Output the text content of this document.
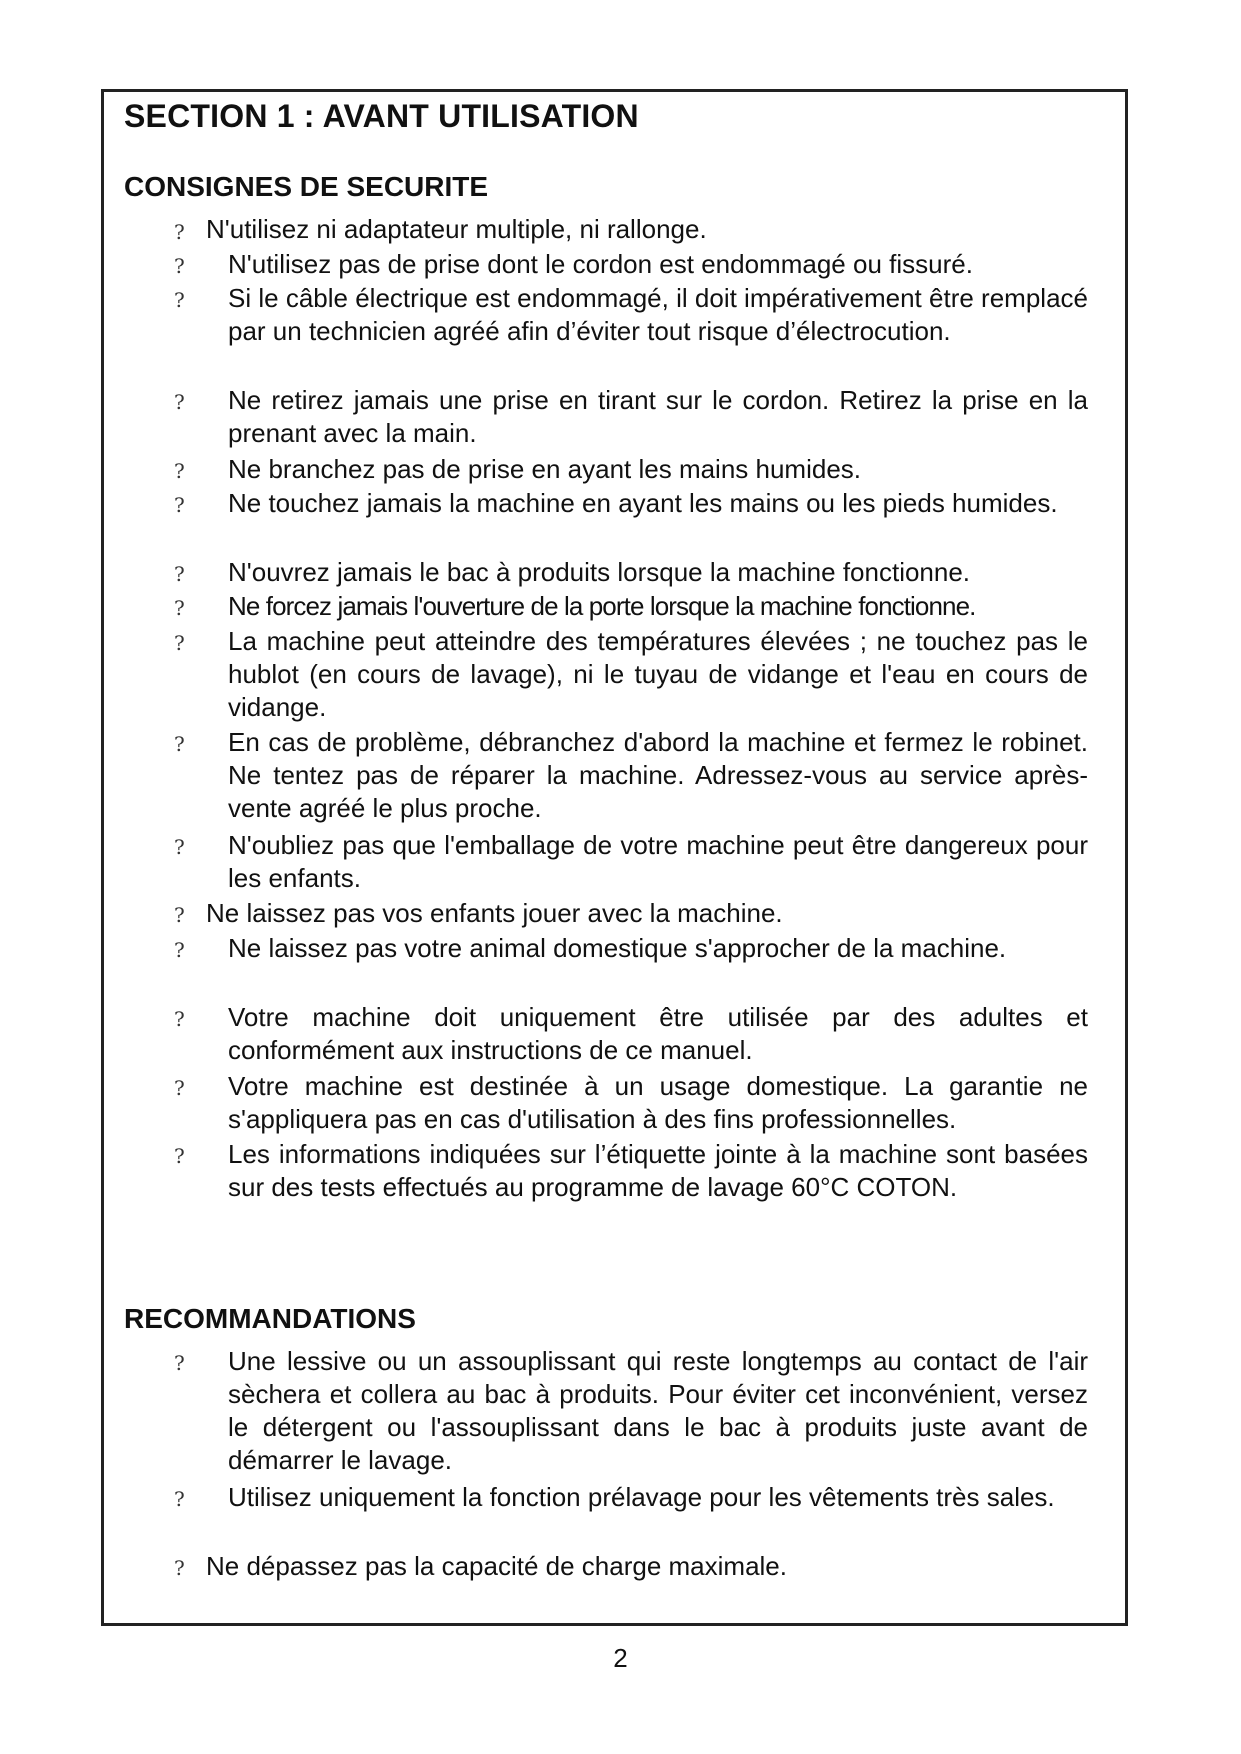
SECTION 1 : AVANT UTILISATION
CONSIGNES DE SECURITE
? N'utilisez ni adaptateur multiple, ni rallonge.
? N'utilisez pas de prise dont le cordon est endommagé ou fissuré.
? Si le câble électrique est endommagé, il doit impérativement être remplacé par un technicien agréé afin d’éviter tout risque d’électrocution.
? Ne retirez jamais une prise en tirant sur le cordon. Retirez la prise en la prenant avec la main.
? Ne branchez pas de prise en ayant les mains humides.
? Ne touchez jamais la machine en ayant les mains ou les pieds humides.
? N'ouvrez jamais le bac à produits lorsque la machine fonctionne.
? Ne forcez jamais l'ouverture de la porte lorsque la machine fonctionne.
? La machine peut atteindre des températures élevées ; ne touchez pas le hublot (en cours de lavage), ni le tuyau de vidange et l'eau en cours de vidange.
? En cas de problème, débranchez d'abord la machine et fermez le robinet. Ne tentez pas de réparer la machine. Adressez-vous au service après-vente agréé le plus proche.
? N'oubliez pas que l'emballage de votre machine peut être dangereux pour les enfants.
? Ne laissez pas vos enfants jouer avec la machine.
? Ne laissez pas votre animal domestique s'approcher de la machine.
? Votre machine doit uniquement être utilisée par des adultes et conformément aux instructions de ce manuel.
? Votre machine est destinée à un usage domestique. La garantie ne s'appliquera pas en cas d'utilisation à des fins professionnelles.
? Les informations indiquées sur l’étiquette jointe à la machine sont basées sur des tests effectués au programme de lavage 60°C COTON.
RECOMMANDATIONS
? Une lessive ou un assouplissant qui reste longtemps au contact de l'air sèchera et collera au bac à produits. Pour éviter cet inconvénient, versez le détergent ou l'assouplissant dans le bac à produits juste avant de démarrer le lavage.
? Utilisez uniquement la fonction prélavage pour les vêtements très sales.
? Ne dépassez pas la capacité de charge maximale.
2
